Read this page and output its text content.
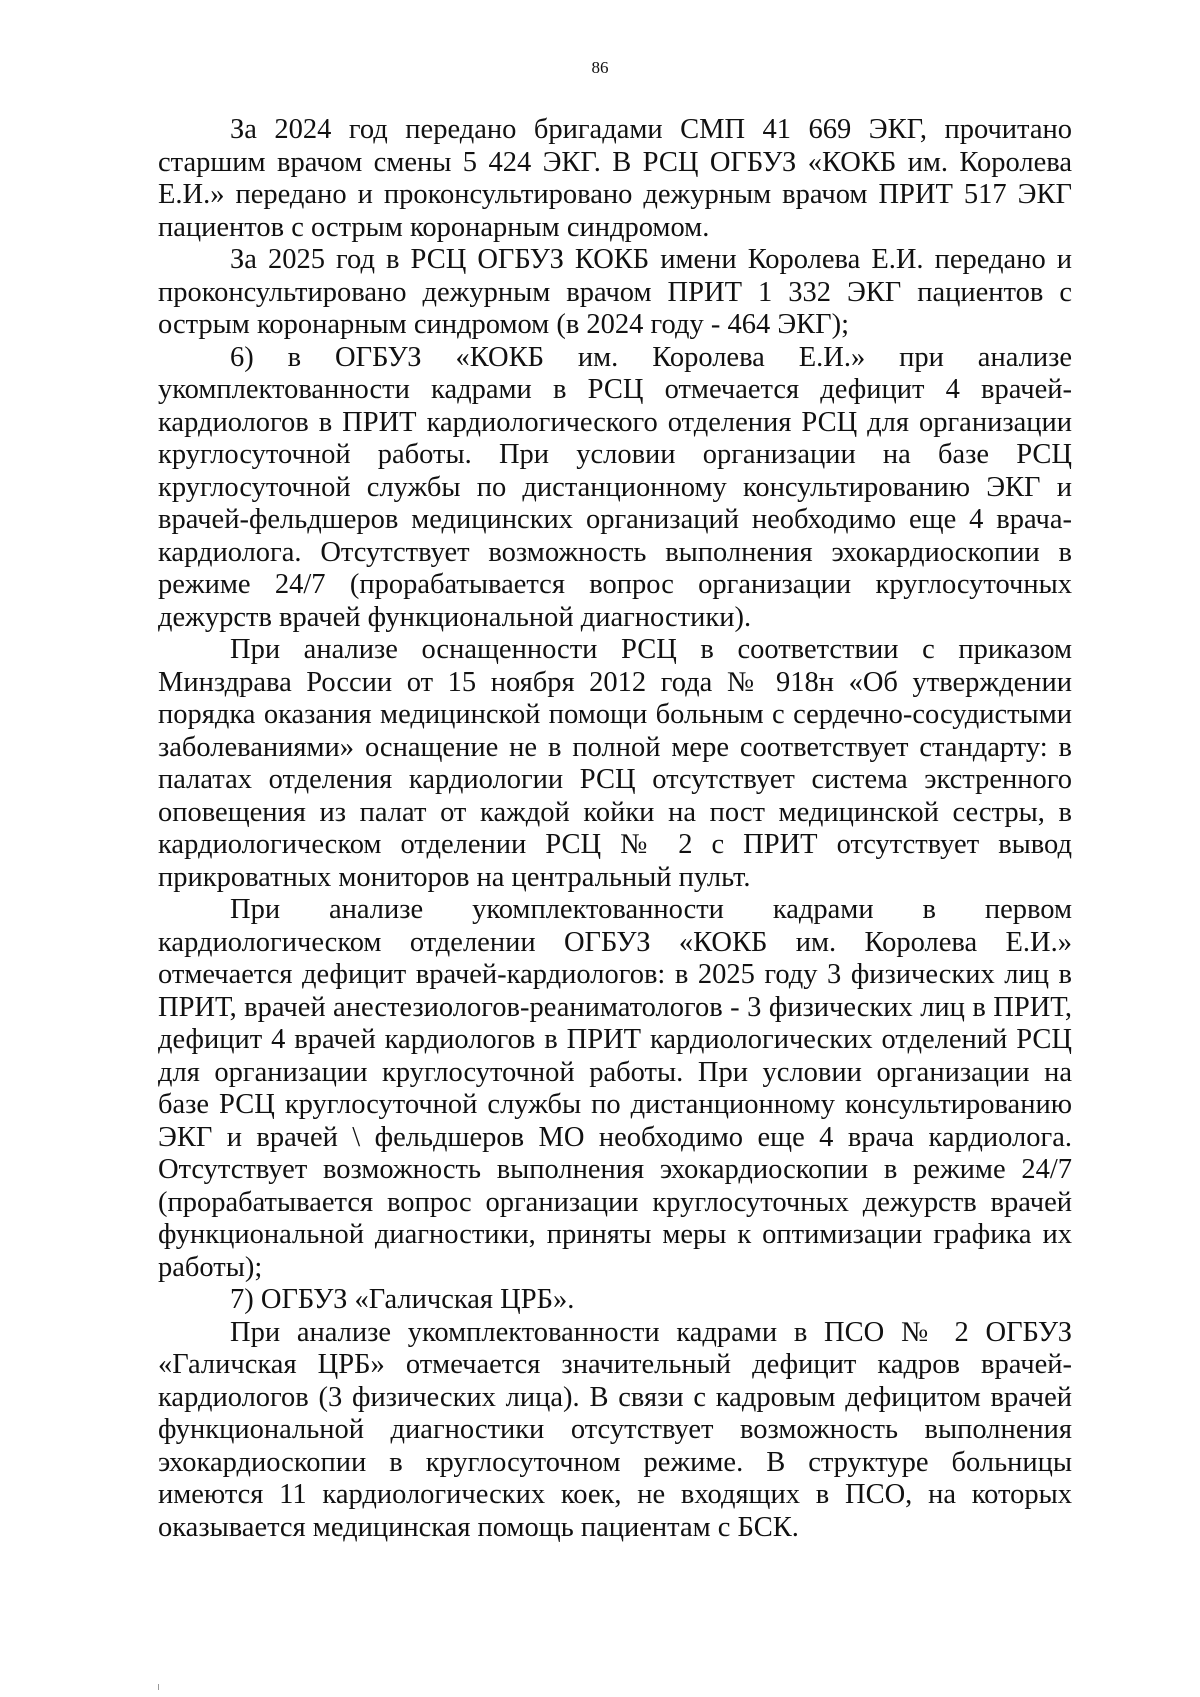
86

За 2024 год передано бригадами СМП 41 669 ЭКГ, прочитано старшим врачом смены 5 424 ЭКГ. В РСЦ ОГБУЗ «КОКБ им. Королева Е.И.» передано и проконсультировано дежурным врачом ПРИТ 517 ЭКГ пациентов с острым коронарным синдромом.

За 2025 год в РСЦ ОГБУЗ КОКБ имени Королева Е.И. передано и проконсультировано дежурным врачом ПРИТ 1 332 ЭКГ пациентов с острым коронарным синдромом (в 2024 году - 464 ЭКГ);

6) в ОГБУЗ «КОКБ им. Королева Е.И.» при анализе укомплектованности кадрами в РСЦ отмечается дефицит 4 врачей-кардиологов в ПРИТ кардиологического отделения РСЦ для организации круглосуточной работы. При условии организации на базе РСЦ круглосуточной службы по дистанционному консультированию ЭКГ и врачей-фельдшеров медицинских организаций необходимо еще 4 врача-кардиолога. Отсутствует возможность выполнения эхокардиоскопии в режиме 24/7 (прорабатывается вопрос организации круглосуточных дежурств врачей функциональной диагностики).

При анализе оснащенности РСЦ в соответствии с приказом Минздрава России от 15 ноября 2012 года № 918н «Об утверждении порядка оказания медицинской помощи больным с сердечно-сосудистыми заболеваниями» оснащение не в полной мере соответствует стандарту: в палатах отделения кардиологии РСЦ отсутствует система экстренного оповещения из палат от каждой койки на пост медицинской сестры, в кардиологическом отделении РСЦ № 2 с ПРИТ отсутствует вывод прикроватных мониторов на центральный пульт.

При анализе укомплектованности кадрами в первом кардиологическом отделении ОГБУЗ «КОКБ им. Королева Е.И.» отмечается дефицит врачей-кардиологов: в 2025 году 3 физических лиц в ПРИТ, врачей анестезиологов-реаниматологов - 3 физических лиц в ПРИТ, дефицит 4 врачей кардиологов в ПРИТ кардиологических отделений РСЦ для организации круглосуточной работы. При условии организации на базе РСЦ круглосуточной службы по дистанционному консультированию ЭКГ и врачей \ фельдшеров МО необходимо еще 4 врача кардиолога. Отсутствует возможность выполнения эхокардиоскопии в режиме 24/7 (прорабатывается вопрос организации круглосуточных дежурств врачей функциональной диагностики, приняты меры к оптимизации графика их работы);

7) ОГБУЗ «Галичская ЦРБ».

При анализе укомплектованности кадрами в ПСО № 2 ОГБУЗ «Галичская ЦРБ» отмечается значительный дефицит кадров врачей-кардиологов (3 физических лица). В связи с кадровым дефицитом врачей функциональной диагностики отсутствует возможность выполнения эхокардиоскопии в круглосуточном режиме. В структуре больницы имеются 11 кардиологических коек, не входящих в ПСО, на которых оказывается медицинская помощь пациентам с БСК.
